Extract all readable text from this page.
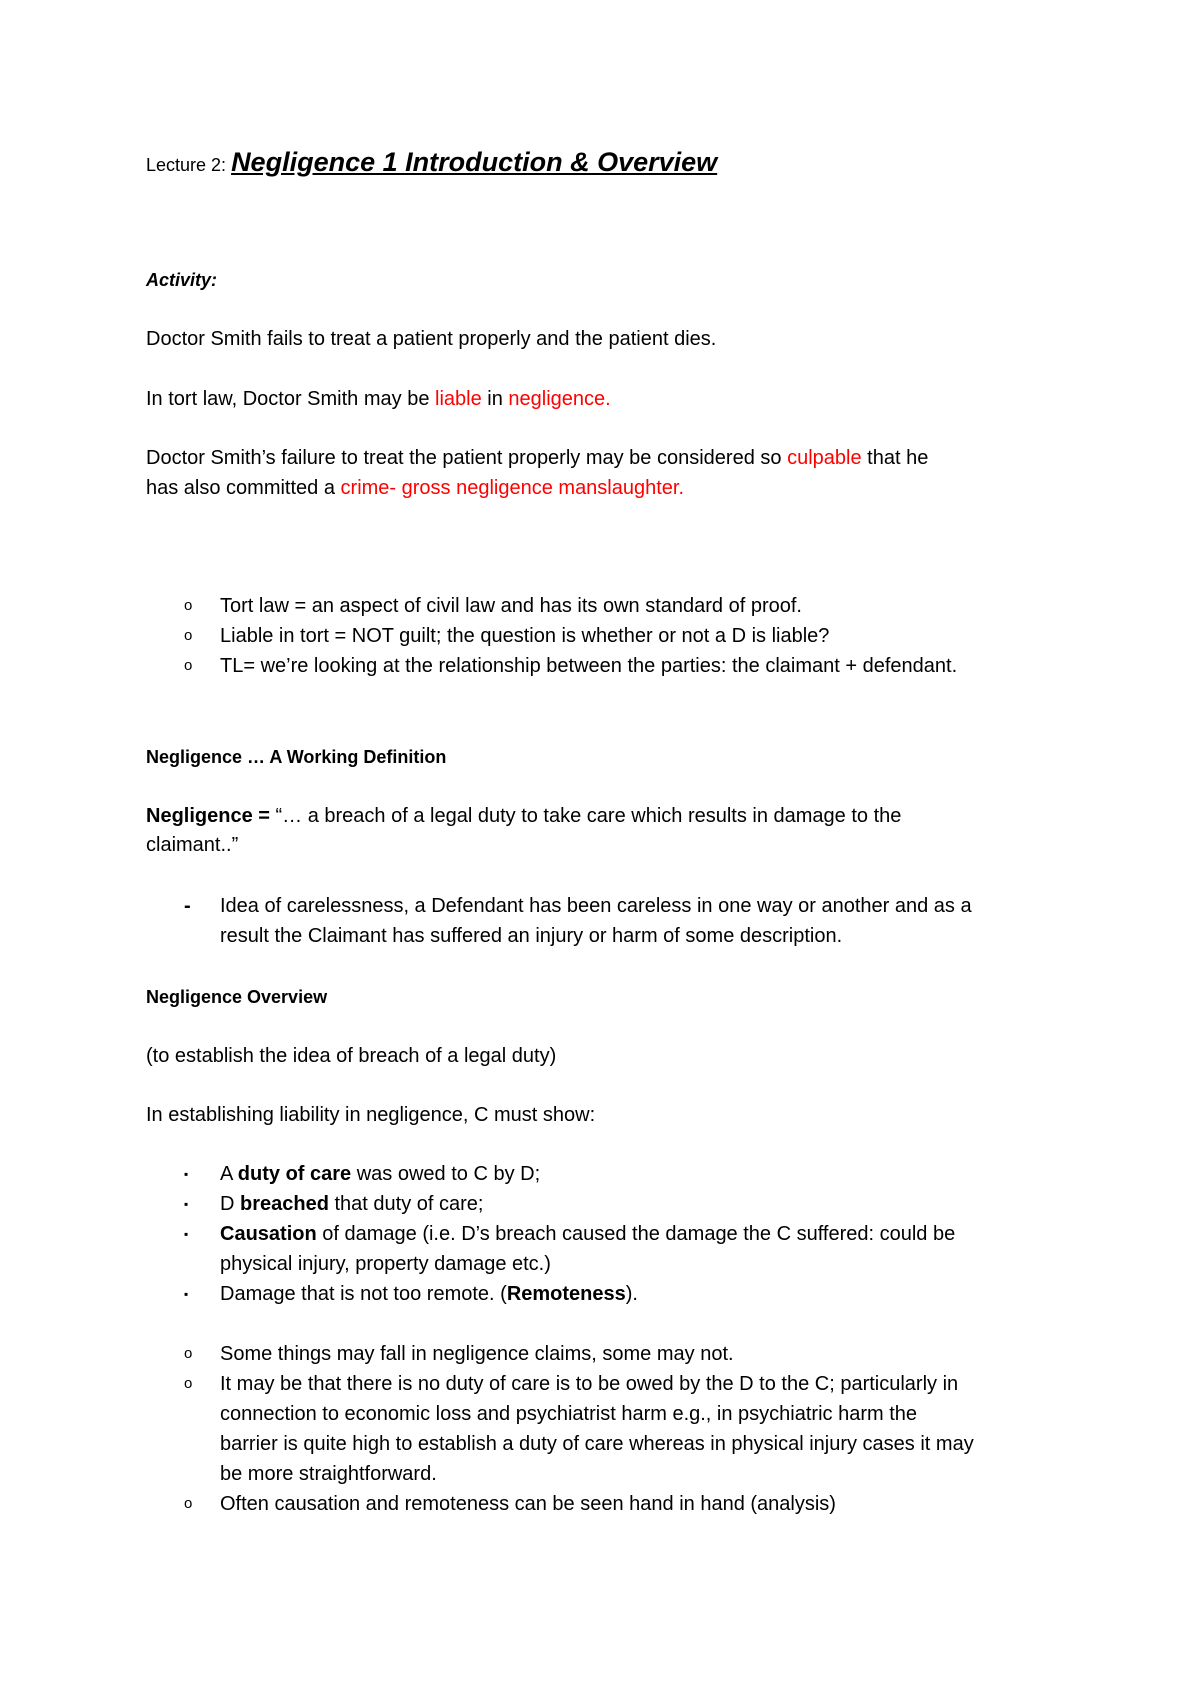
Lecture 2: Negligence 1 Introduction & Overview
Activity:
Doctor Smith fails to treat a patient properly and the patient dies.
In tort law, Doctor Smith may be liable in negligence.
Doctor Smith’s failure to treat the patient properly may be considered so culpable that he
has also committed a crime- gross negligence manslaughter.
o	Tort law = an aspect of civil law and has its own standard of proof.
o	Liable in tort = NOT guilt; the question is whether or not a D is liable?
o	TL= we’re looking at the relationship between the parties: the claimant + defendant.
Negligence … A Working Definition
Negligence = “… a breach of a legal duty to take care which results in damage to the
claimant..”
-	Idea of carelessness, a Defendant has been careless in one way or another and as a
result the Claimant has suffered an injury or harm of some description.
Negligence Overview
(to establish the idea of breach of a legal duty)
In establishing liability in negligence, C must show:
▪	A duty of care was owed to C by D;
▪	D breached that duty of care;
▪	Causation of damage (i.e. D’s breach caused the damage the C suffered: could be
physical injury, property damage etc.)
▪	Damage that is not too remote. (Remoteness).
o	Some things may fall in negligence claims, some may not.
o	It may be that there is no duty of care is to be owed by the D to the C; particularly in
connection to economic loss and psychiatrist harm e.g., in psychiatric harm the
barrier is quite high to establish a duty of care whereas in physical injury cases it may
be more straightforward.
o	Often causation and remoteness can be seen hand in hand (analysis)
